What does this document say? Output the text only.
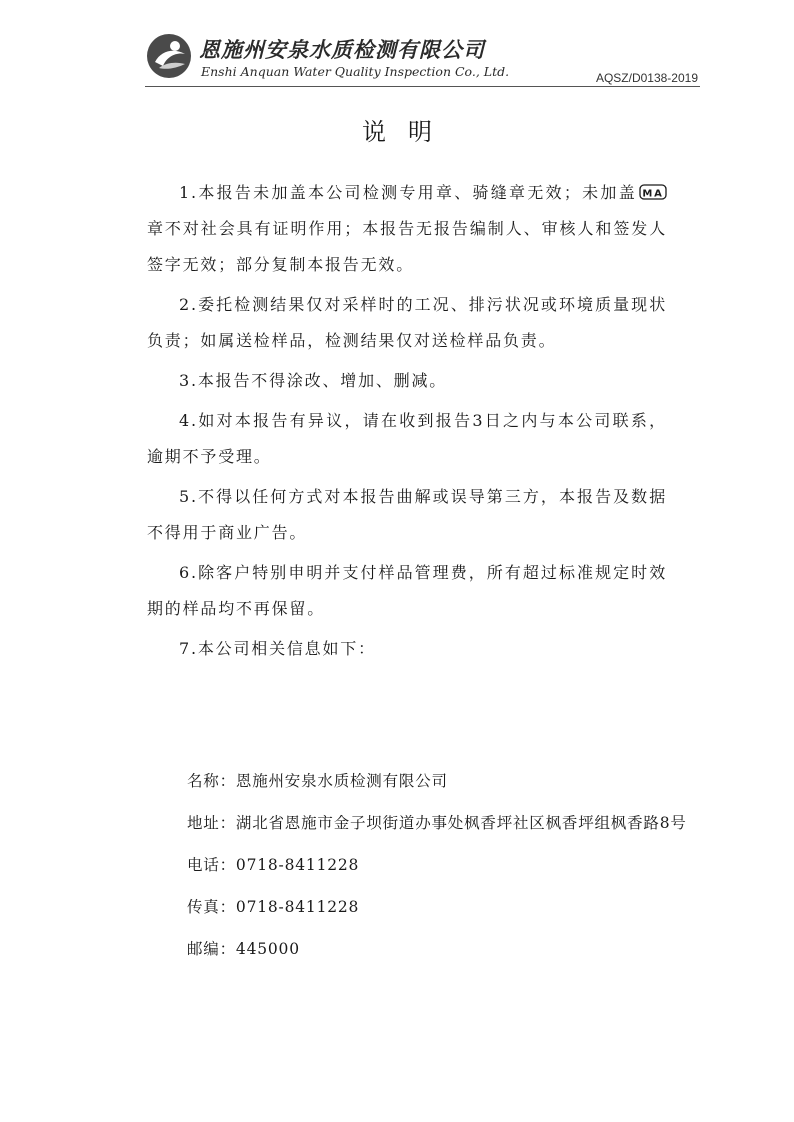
恩施州安泉水质检测有限公司
Enshi Anquan Water Quality Inspection Co., Ltd.	AQSZ/D0138-2019
说明

1.本报告未加盖本公司检测专用章、骑缝章无效；未加盖 MA
章不对社会具有证明作用；本报告无报告编制人、审核人和签发人签字无效；部分复制本报告无效。

2.委托检测结果仅对采样时的工况、排污状况或环境质量现状负责；如属送检样品，检测结果仅对送检样品负责。

3.本报告不得涂改、增加、删减。

4.如对本报告有异议，请在收到报告3日之内与本公司联系，逾期不予受理。

5.不得以任何方式对本报告曲解或误导第三方，本报告及数据不得用于商业广告。

6.除客户特别申明并支付样品管理费，所有超过标准规定时效期的样品均不再保留。

7.本公司相关信息如下：

名称：恩施州安泉水质检测有限公司
地址：湖北省恩施市金子坝街道办事处枫香坪社区枫香坪组枫香路8号
电话：0718-8411228
传真：0718-8411228
邮编：445000
